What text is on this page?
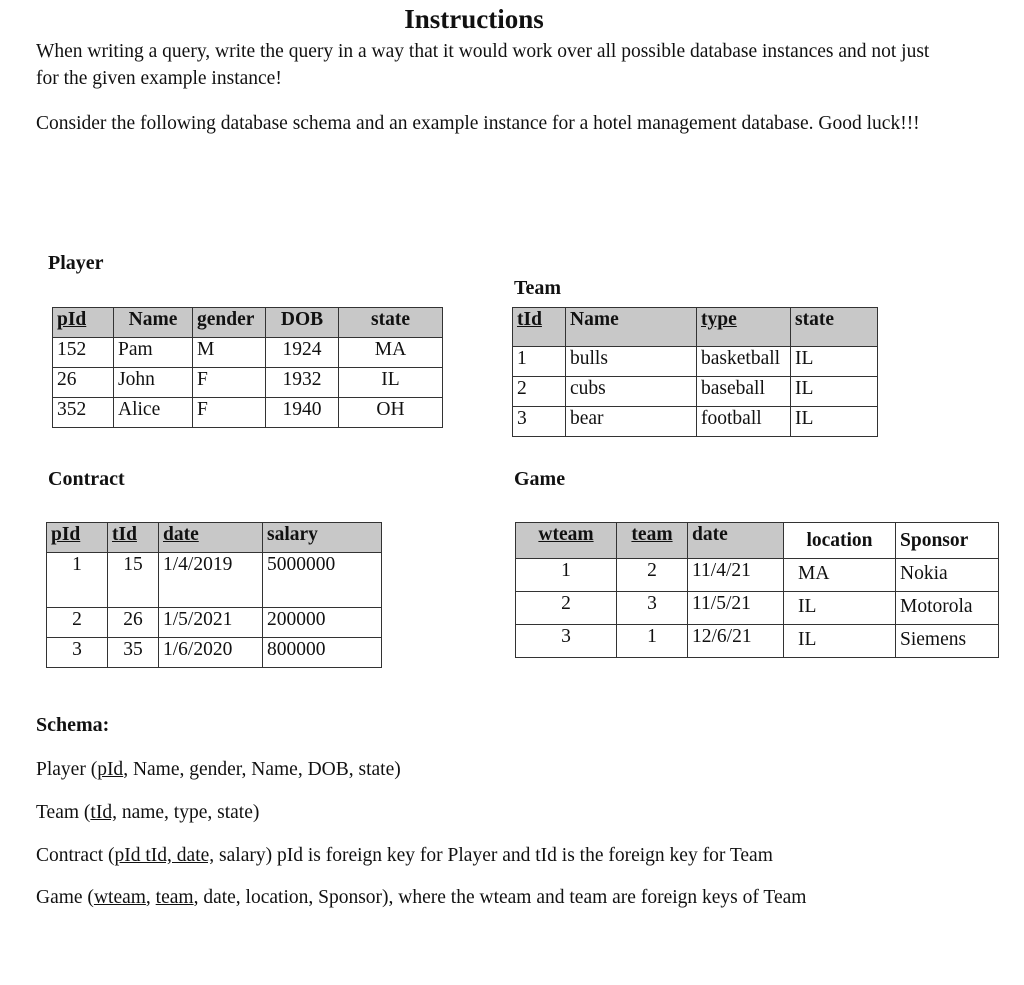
Instructions
When writing a query, write the query in a way that it would work over all possible database instances and not just for the given example instance!
Consider the following database schema and an example instance for a hotel management database. Good luck!!!
Player
pId	Name	gender	DOB	state
152	Pam	M	1924	MA
26	John	F	1932	IL
352	Alice	F	1940	OH
Team
tId	Name	type	state
1	bulls	basketball	IL
2	cubs	baseball	IL
3	bear	football	IL
Contract
pId	tId	date	salary
1	15	1/4/2019	5000000
2	26	1/5/2021	200000
3	35	1/6/2020	800000
Game
wteam	team	date	location	Sponsor
1	2	11/4/21	MA	Nokia
2	3	11/5/21	IL	Motorola
3	1	12/6/21	IL	Siemens
Schema:
Player (pId, Name, gender, Name, DOB, state)
Team (tId, name, type, state)
Contract (pId tId, date, salary) pId is foreign key for Player and tId is the foreign key for Team
Game (wteam, team, date, location, Sponsor), where the wteam and team are foreign keys of Team
